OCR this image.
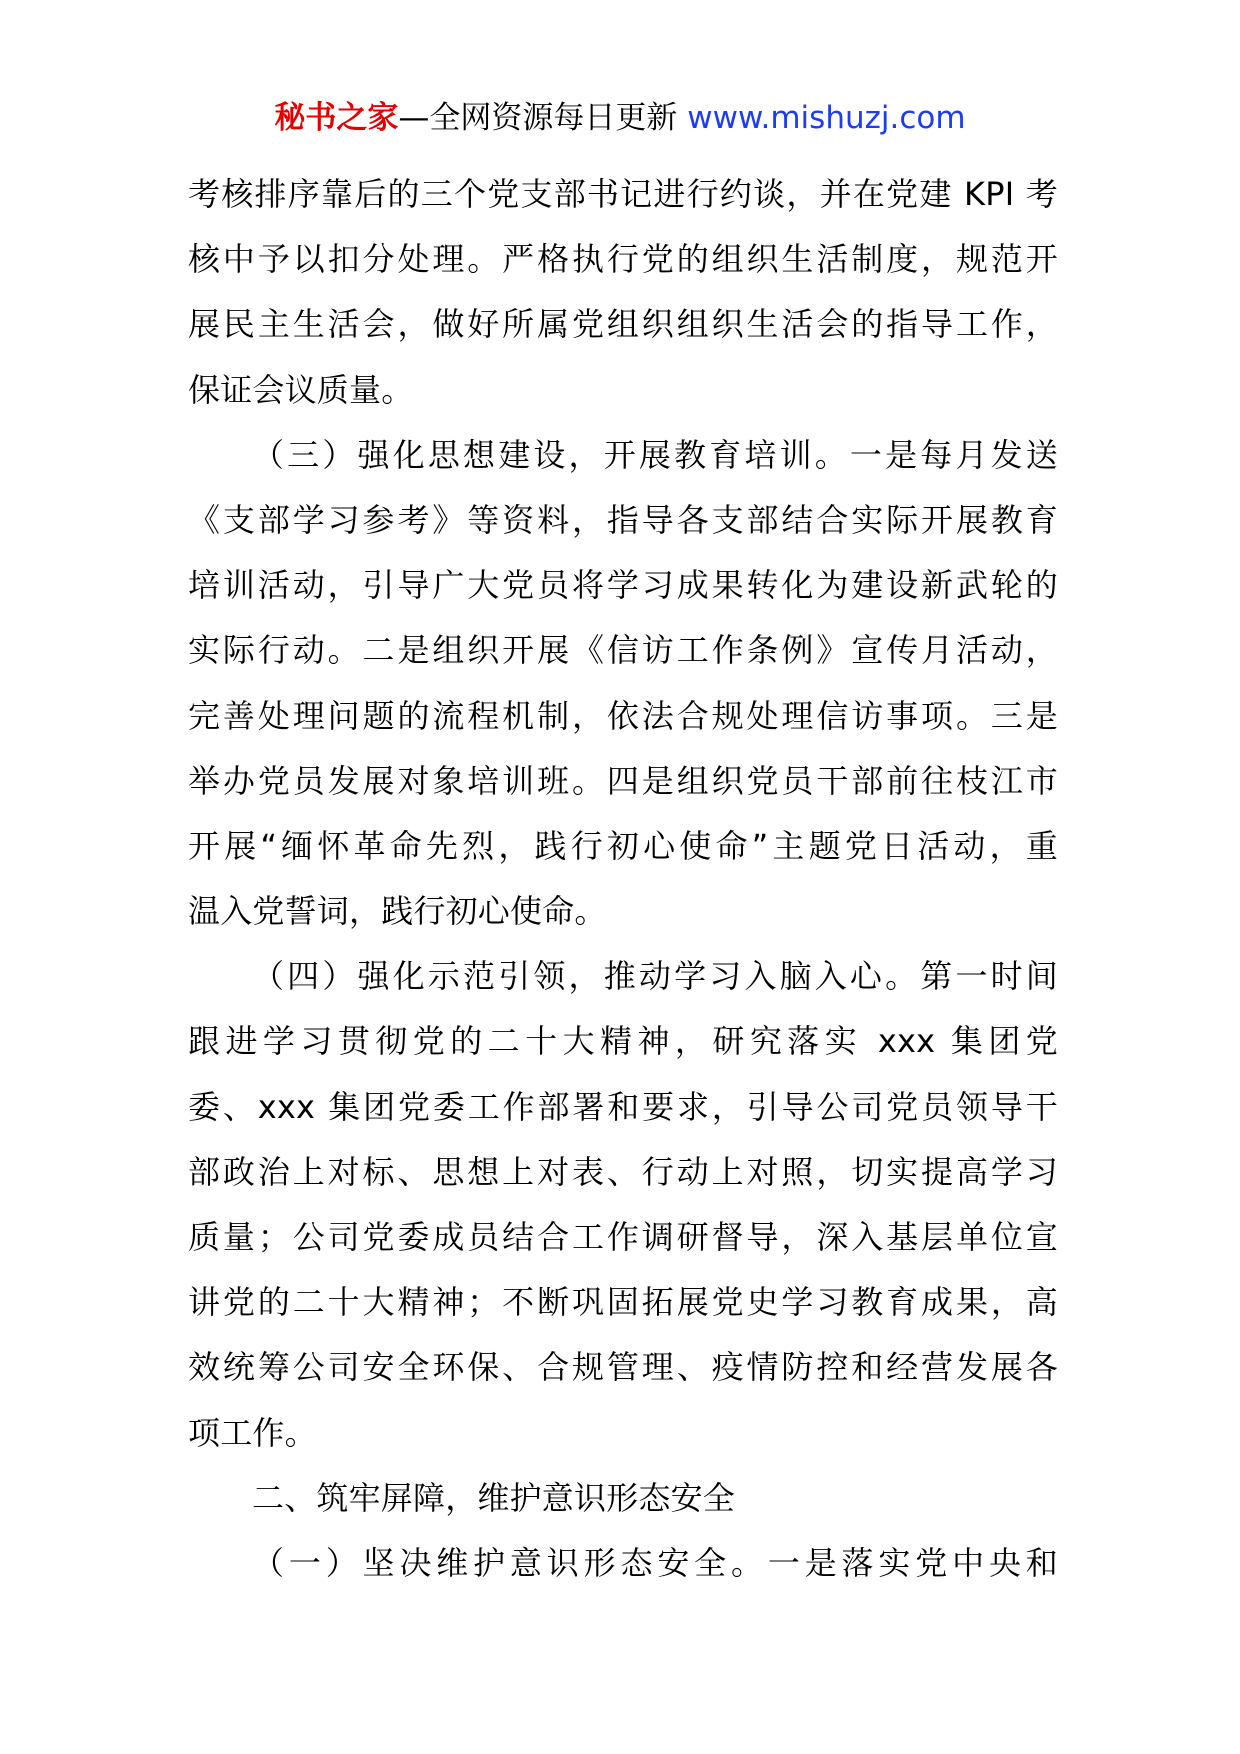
秘书之家—全网资源每日更新 www.mishuzj.com
考核排序靠后的三个党支部书记进行约谈，并在党建 KPI 考
核中予以扣分处理。严格执行党的组织生活制度，规范开
展民主生活会，做好所属党组织组织生活会的指导工作，
保证会议质量。
（三）强化思想建设，开展教育培训。一是每月发送
《支部学习参考》等资料，指导各支部结合实际开展教育
培训活动，引导广大党员将学习成果转化为建设新武轮的
实际行动。二是组织开展《信访工作条例》宣传月活动，
完善处理问题的流程机制，依法合规处理信访事项。三是
举办党员发展对象培训班。四是组织党员干部前往枝江市
开展“缅怀革命先烈，践行初心使命”主题党日活动，重
温入党誓词，践行初心使命。
（四）强化示范引领，推动学习入脑入心。第一时间
跟进学习贯彻党的二十大精神，研究落实 xxx 集团党
委、xxx 集团党委工作部署和要求，引导公司党员领导干
部政治上对标、思想上对表、行动上对照，切实提高学习
质量；公司党委成员结合工作调研督导，深入基层单位宣
讲党的二十大精神；不断巩固拓展党史学习教育成果，高
效统筹公司安全环保、合规管理、疫情防控和经营发展各
项工作。
二、筑牢屏障，维护意识形态安全
（一）坚决维护意识形态安全。一是落实党中央和
